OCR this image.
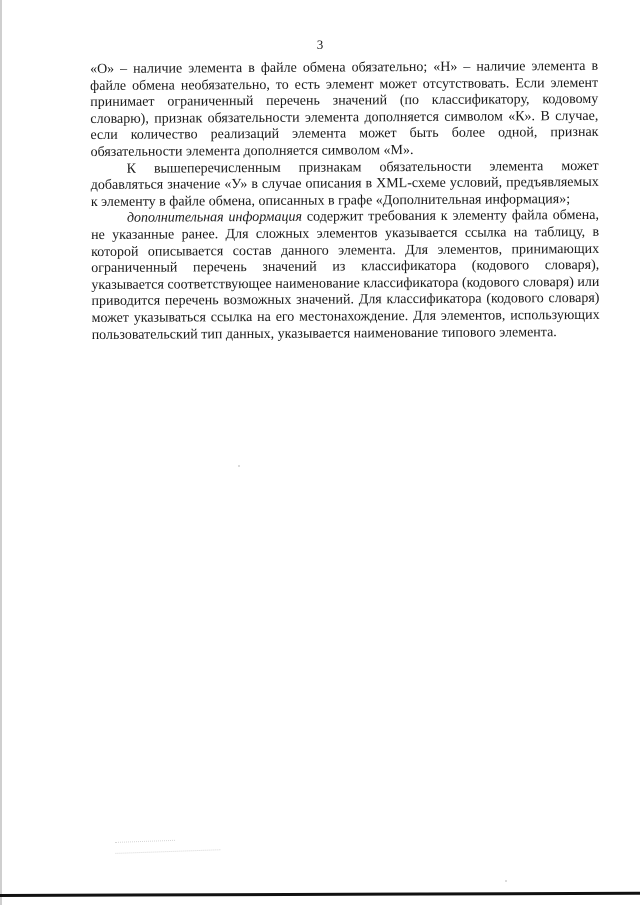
3

«О» – наличие элемента в файле обмена обязательно; «Н» – наличие элемента в файле обмена необязательно, то есть элемент может отсутствовать. Если элемент принимает ограниченный перечень значений (по классификатору, кодовому словарю), признак обязательности элемента дополняется символом «К». В случае, если количество реализаций элемента может быть более одной, признак обязательности элемента дополняется символом «М».

К вышеперечисленным признакам обязательности элемента может добавляться значение «У» в случае описания в XML-схеме условий, предъявляемых к элементу в файле обмена, описанных в графе «Дополнительная информация»;

дополнительная информация содержит требования к элементу файла обмена, не указанные ранее. Для сложных элементов указывается ссылка на таблицу, в которой описывается состав данного элемента. Для элементов, принимающих ограниченный перечень значений из классификатора (кодового словаря), указывается соответствующее наименование классификатора (кодового словаря) или приводится перечень возможных значений. Для классификатора (кодового словаря) может указываться ссылка на его местонахождение. Для элементов, использующих пользовательский тип данных, указывается наименование типового элемента.
